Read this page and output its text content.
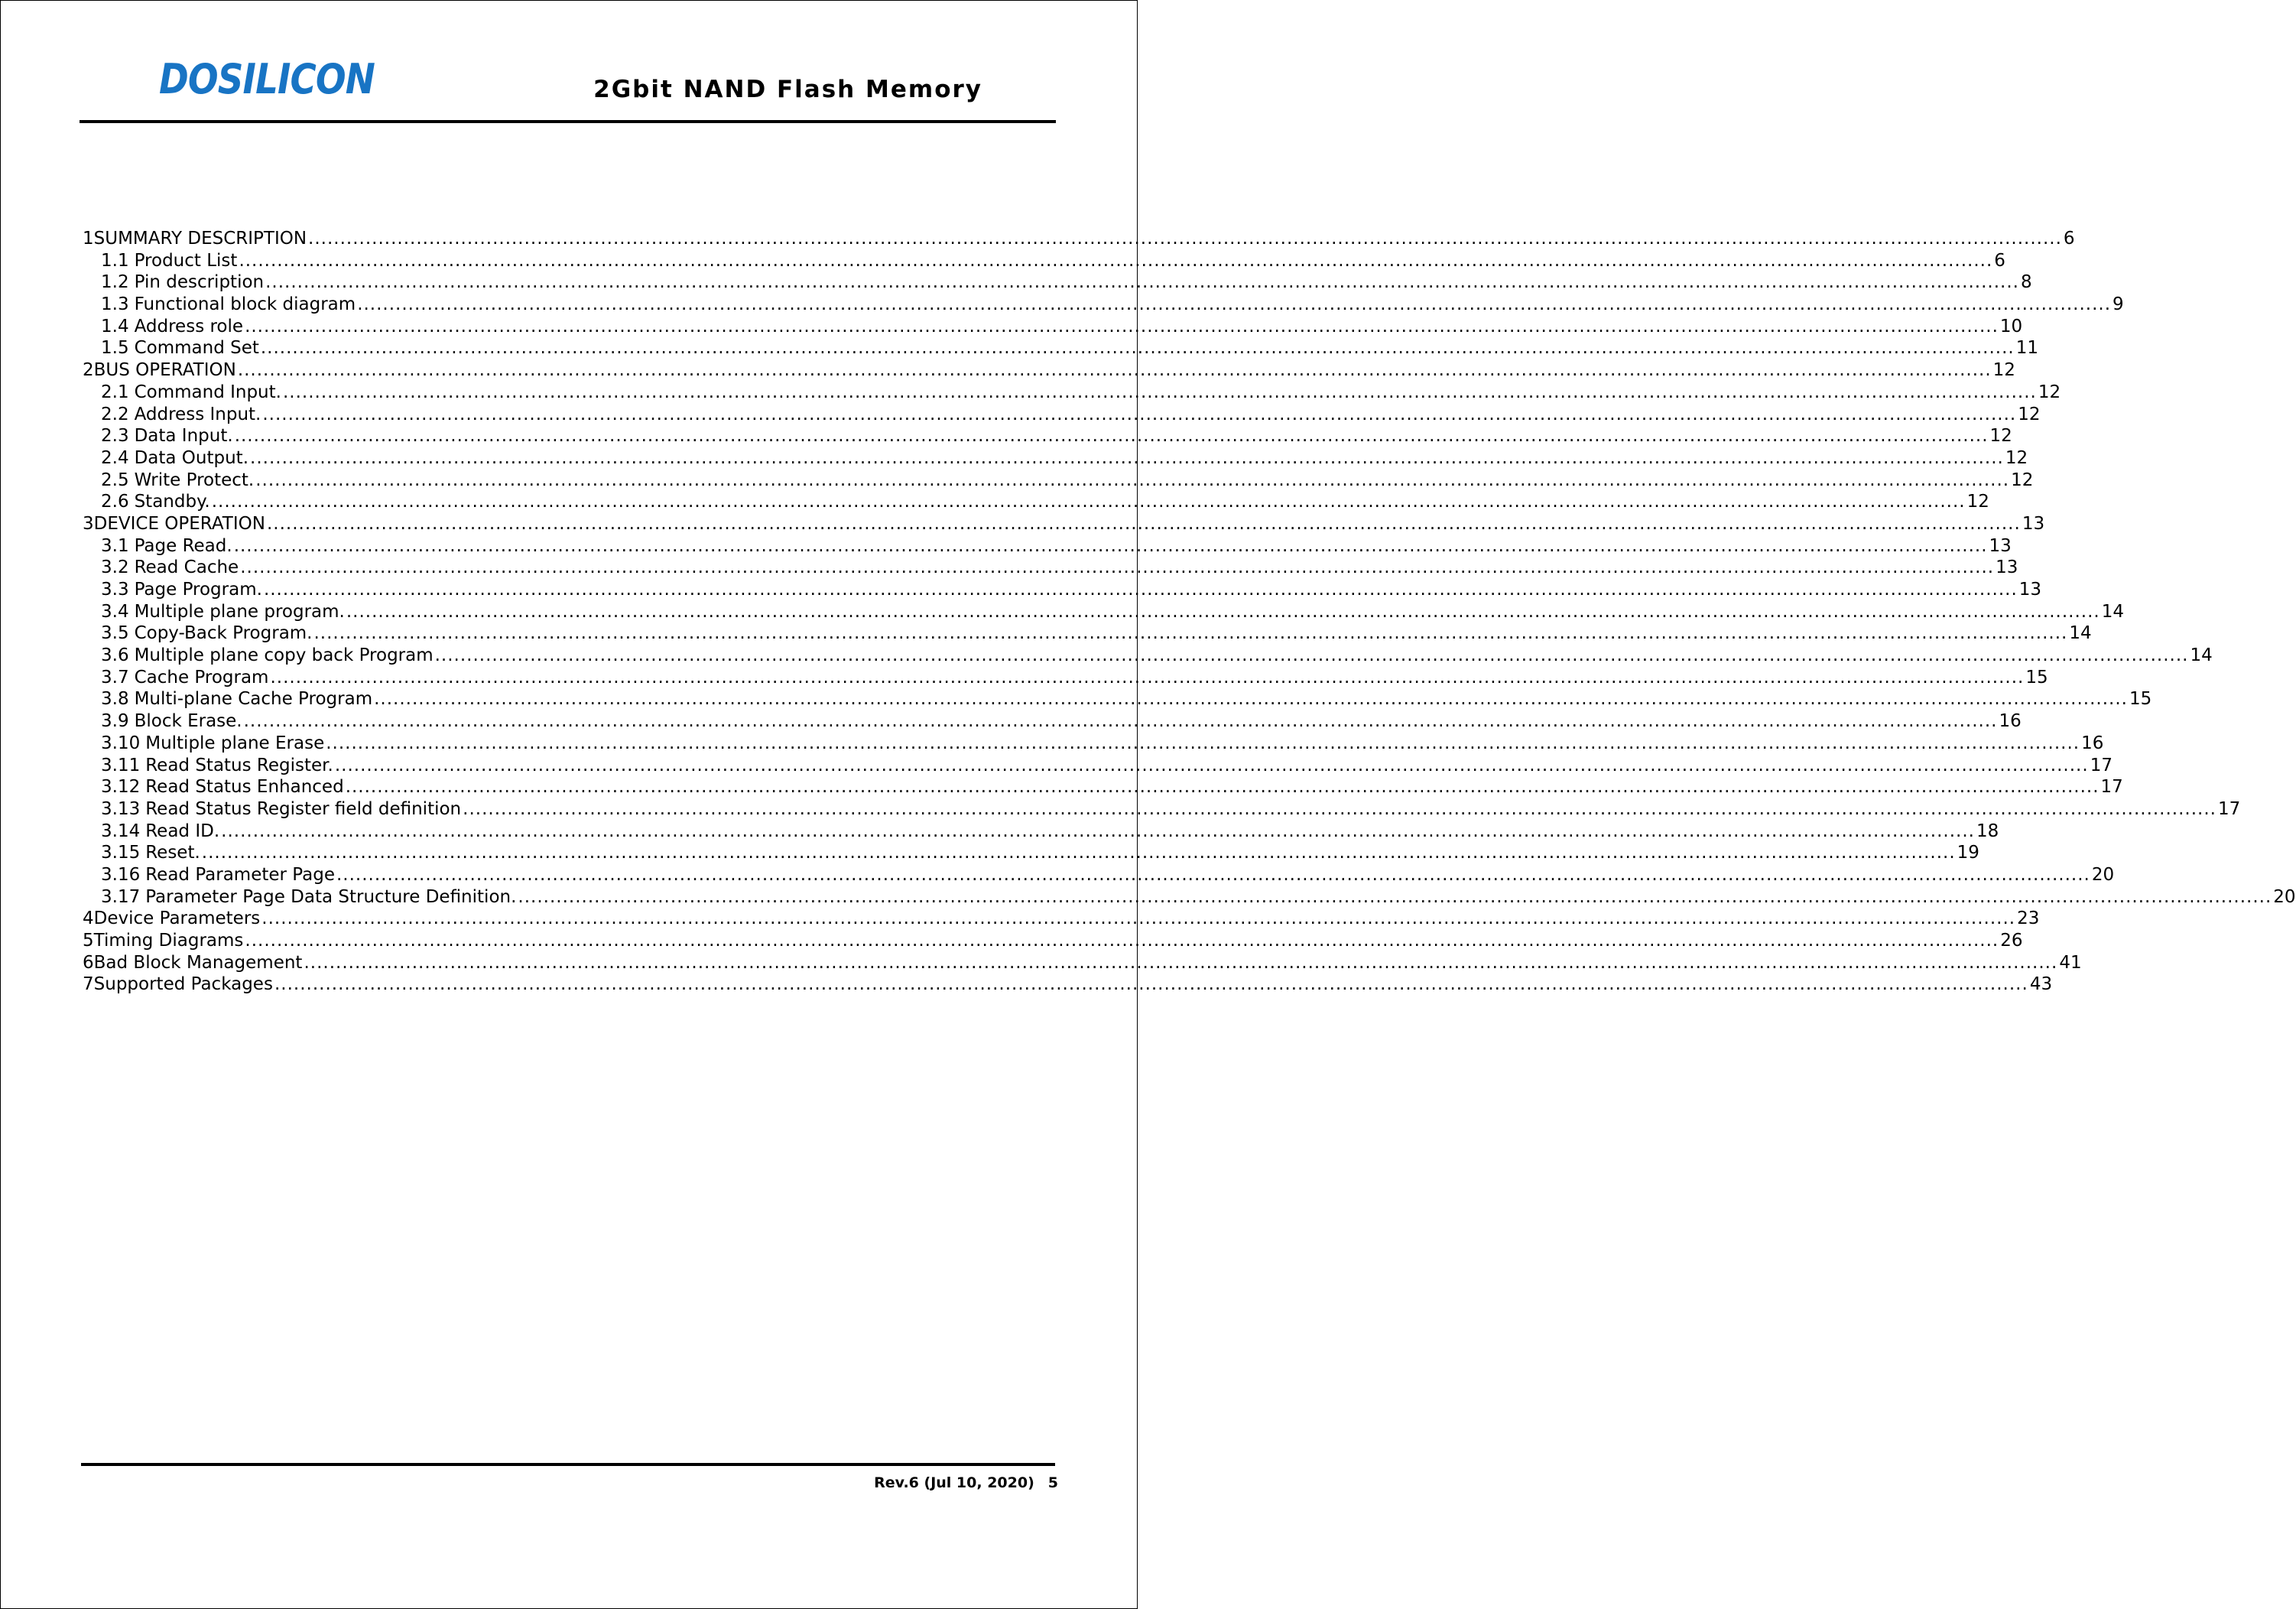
DOSILICON	2Gbit NAND Flash Memory
1 SUMMARY DESCRIPTION .....	6
1.1 Product List .....	6
1.2 Pin description .....	8
1.3 Functional block diagram .....	9
1.4 Address role .....	10
1.5 Command Set .....	11
2 BUS OPERATION .....	12
2.1 Command Input. .....	12
2.2 Address Input. .....	12
2.3 Data Input. .....	12
2.4 Data Output. .....	12
2.5 Write Protect. .....	12
2.6 Standby. .....	12
3 DEVICE OPERATION .....	13
3.1 Page Read. .....	13
3.2 Read Cache .....	13
3.3 Page Program. .....	13
3.4 Multiple plane program. .....	14
3.5 Copy-Back Program. .....	14
3.6 Multiple plane copy back Program .....	14
3.7 Cache Program .....	15
3.8 Multi-plane Cache Program .....	15
3.9 Block Erase. .....	16
3.10 Multiple plane Erase .....	16
3.11 Read Status Register. .....	17
3.12 Read Status Enhanced .....	17
3.13 Read Status Register field definition .....	17
3.14 Read ID. .....	18
3.15 Reset. .....	19
3.16 Read Parameter Page .....	20
3.17 Parameter Page Data Structure Definition. .....	20
4 Device Parameters .....	23
5 Timing Diagrams .....	26
6 Bad Block Management .....	41
7 Supported Packages .....	43
Rev.6 (Jul 10, 2020) 5
